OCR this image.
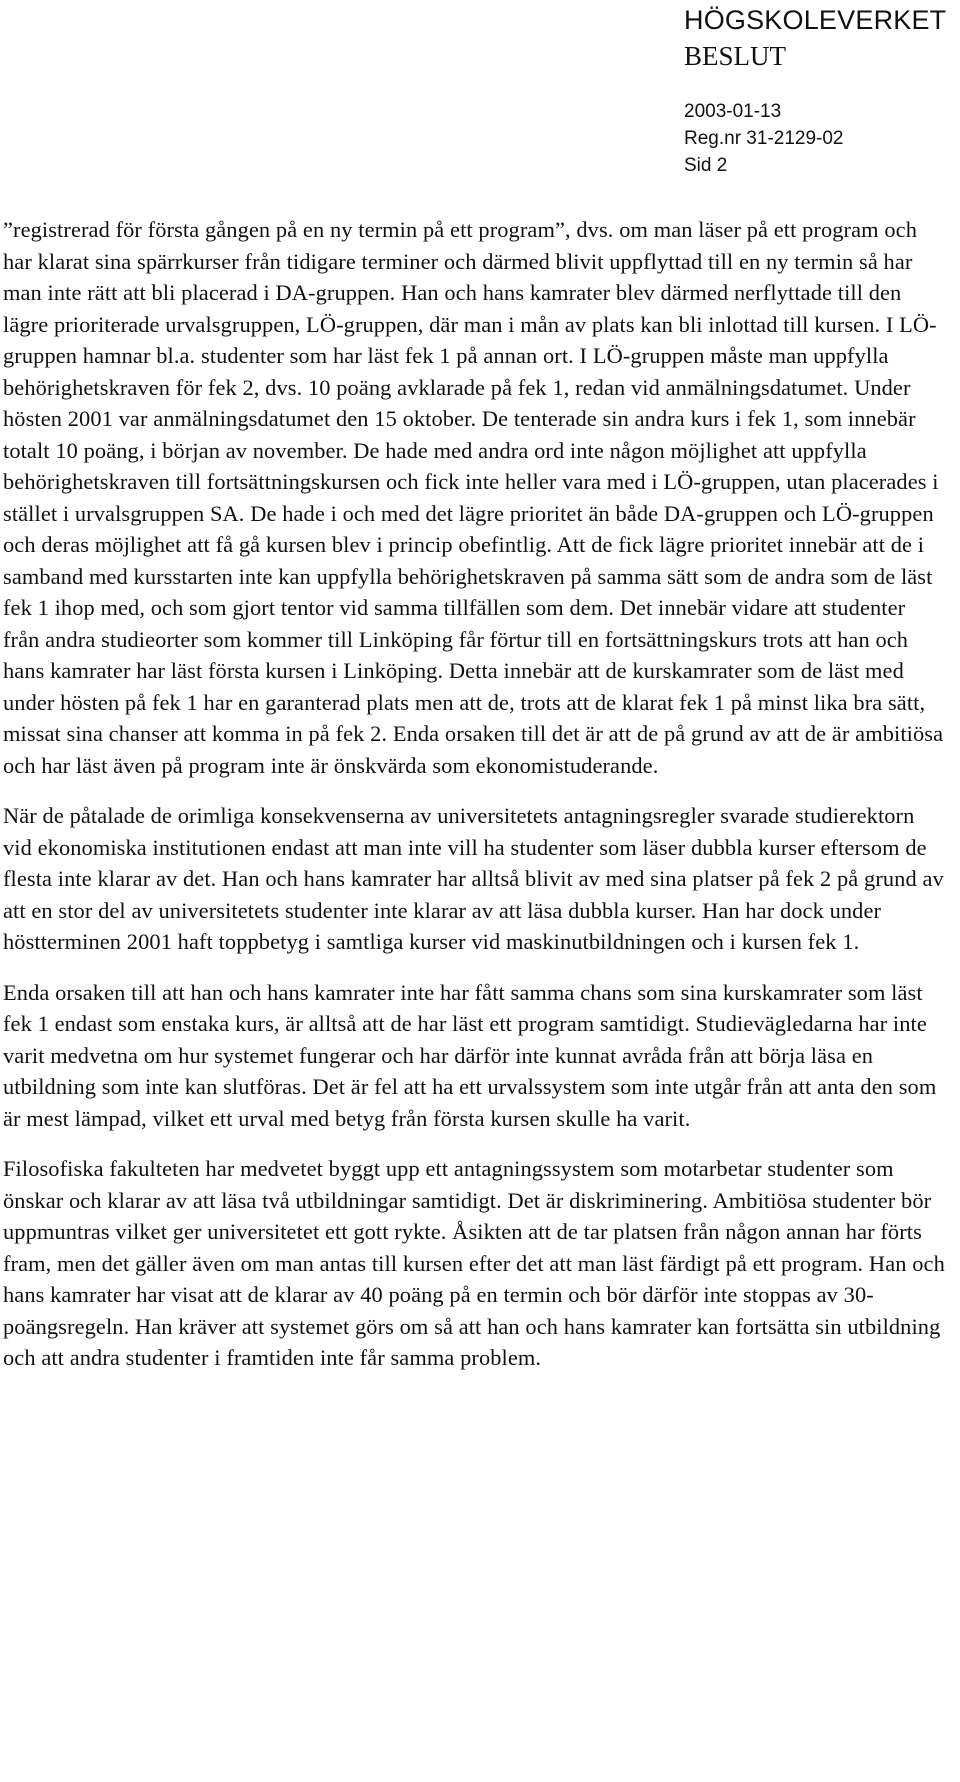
HÖGSKOLEVERKET
BESLUT
2003-01-13
Reg.nr 31-2129-02
Sid 2

”registrerad för första gången på en ny termin på ett program”, dvs. om man läser på ett program och har klarat sina spärrkurser från tidigare terminer och därmed blivit uppflyttad till en ny termin så har man inte rätt att bli placerad i DA-gruppen. Han och hans kamrater blev därmed nerflyttade till den lägre prioriterade urvalsgruppen, LÖ-gruppen, där man i mån av plats kan bli inlottad till kursen. I LÖ-gruppen hamnar bl.a. studenter som har läst fek 1 på annan ort. I LÖ-gruppen måste man uppfylla behörighetskraven för fek 2, dvs. 10 poäng avklarade på fek 1, redan vid anmälningsdatumet. Under hösten 2001 var anmälningsdatumet den 15 oktober. De tenterade sin andra kurs i fek 1, som innebär totalt 10 poäng, i början av november. De hade med andra ord inte någon möjlighet att uppfylla behörighetskraven till fortsättningskursen och fick inte heller vara med i LÖ-gruppen, utan placerades i stället i urvalsgruppen SA. De hade i och med det lägre prioritet än både DA-gruppen och LÖ-gruppen och deras möjlighet att få gå kursen blev i princip obefintlig. Att de fick lägre prioritet innebär att de i samband med kursstarten inte kan uppfylla behörighetskraven på samma sätt som de andra som de läst fek 1 ihop med, och som gjort tentor vid samma tillfällen som dem. Det innebär vidare att studenter från andra studieorter som kommer till Linköping får förtur till en fortsättningskurs trots att han och hans kamrater har läst första kursen i Linköping. Detta innebär att de kurskamrater som de läst med under hösten på fek 1 har en garanterad plats men att de, trots att de klarat fek 1 på minst lika bra sätt, missat sina chanser att komma in på fek 2. Enda orsaken till det är att de på grund av att de är ambitiösa och har läst även på program inte är önskvärda som ekonomistuderande.

När de påtalade de orimliga konsekvenserna av universitetets antagningsregler svarade studierektorn vid ekonomiska institutionen endast att man inte vill ha studenter som läser dubbla kurser eftersom de flesta inte klarar av det. Han och hans kamrater har alltså blivit av med sina platser på fek 2 på grund av att en stor del av universitetets studenter inte klarar av att läsa dubbla kurser. Han har dock under höstterminen 2001 haft toppbetyg i samtliga kurser vid maskinutbildningen och i kursen fek 1.

Enda orsaken till att han och hans kamrater inte har fått samma chans som sina kurskamrater som läst fek 1 endast som enstaka kurs, är alltså att de har läst ett program samtidigt. Studievägledarna har inte varit medvetna om hur systemet fungerar och har därför inte kunnat avråda från att börja läsa en utbildning som inte kan slutföras. Det är fel att ha ett urvalssystem som inte utgår från att anta den som är mest lämpad, vilket ett urval med betyg från första kursen skulle ha varit.

Filosofiska fakulteten har medvetet byggt upp ett antagningssystem som motarbetar studenter som önskar och klarar av att läsa två utbildningar samtidigt. Det är diskriminering. Ambitiösa studenter bör uppmuntras vilket ger universitetet ett gott rykte. Åsikten att de tar platsen från någon annan har förts fram, men det gäller även om man antas till kursen efter det att man läst färdigt på ett program. Han och hans kamrater har visat att de klarar av 40 poäng på en termin och bör därför inte stoppas av 30-poängsregeln. Han kräver att systemet görs om så att han och hans kamrater kan fortsätta sin utbildning och att andra studenter i framtiden inte får samma problem.
